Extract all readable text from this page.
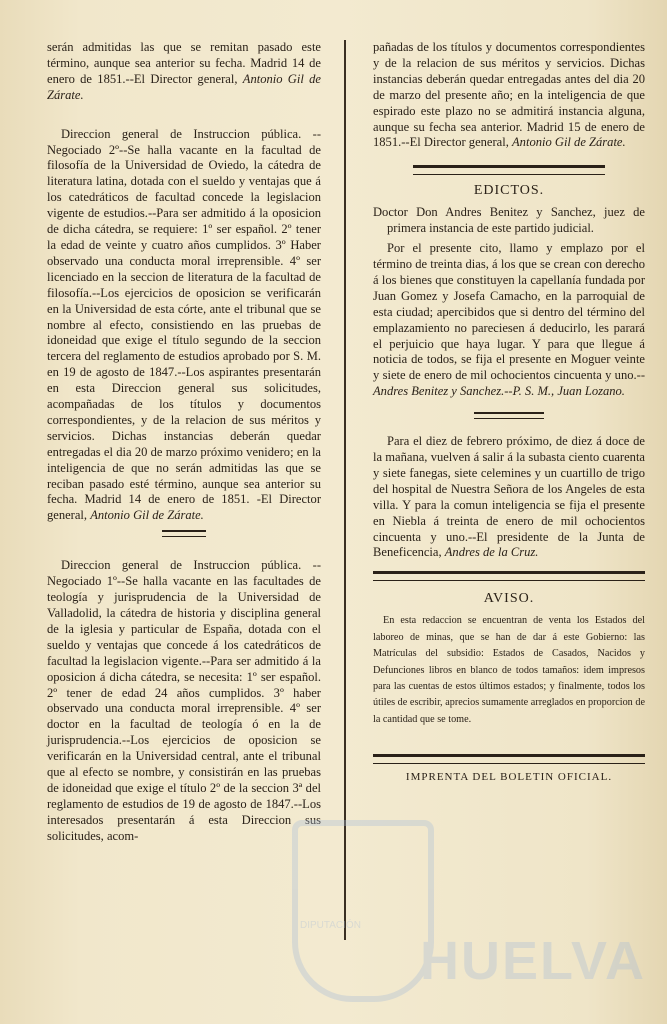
serán admitidas las que se remitan pasado este término, aunque sea anterior su fecha. Madrid 14 de enero de 1851.--El Director general, Antonio Gil de Zárate.

Direccion general de Instruccion pública. --Negociado 2º--Se halla vacante en la facultad de filosofía de la Universidad de Oviedo, la cátedra de literatura latina, dotada con el sueldo y ventajas que á los catedráticos de facultad concede la legislacion vigente de estudios.--Para ser admitido á la oposicion de dicha cátedra, se requiere: 1º ser español. 2º tener la edad de veinte y cuatro años cumplidos. 3º Haber observado una conducta moral irreprensible. 4º ser licenciado en la seccion de literatura de la facultad de filosofía.--Los ejercicios de oposicion se verificarán en la Universidad de esta córte, ante el tribunal que se nombre al efecto, consistiendo en las pruebas de idoneidad que exige el título segundo de la seccion tercera del reglamento de estudios aprobado por S. M. en 19 de agosto de 1847.--Los aspirantes presentarán en esta Direccion general sus solicitudes, acompañadas de los títulos y documentos correspondientes, y de la relacion de sus méritos y servicios. Dichas instancias deberán quedar entregadas el dia 20 de marzo próximo venidero; en la inteligencia de que no serán admitidas las que se reciban pasado esté término, aunque sea anterior su fecha. Madrid 14 de enero de 1851. -El Director general, Antonio Gil de Zárate.

Direccion general de Instruccion pública. --Negociado 1º--Se halla vacante en las facultades de teología y jurisprudencia de la Universidad de Valladolid, la cátedra de historia y disciplina general de la iglesia y particular de España, dotada con el sueldo y ventajas que concede á los catedráticos de facultad la legislacion vigente.--Para ser admitido á la oposicion á dicha cátedra, se necesita: 1º ser español. 2º tener de edad 24 años cumplidos. 3º haber observado una conducta moral irreprensible. 4º ser doctor en la facultad de teología ó en la de jurisprudencia.--Los ejercicios de oposicion se verificarán en la Universidad central, ante el tribunal que al efecto se nombre, y consistirán en las pruebas de idoneidad que exige el título 2º de la seccion 3ª del reglamento de estudios de 19 de agosto de 1847.--Los interesados presentarán á esta Direccion sus solicitudes, acom-

pañadas de los títulos y documentos correspondientes y de la relacion de sus méritos y servicios. Dichas instancias deberán quedar entregadas antes del dia 20 de marzo del presente año; en la inteligencia de que espirado este plazo no se admitirá instancia alguna, aunque su fecha sea anterior. Madrid 15 de enero de 1851.--El Director general, Antonio Gil de Zárate.

EDICTOS.

Doctor Don Andres Benitez y Sanchez, juez de primera instancia de este partido judicial.

Por el presente cito, llamo y emplazo por el término de treinta dias, á los que se crean con derecho á los bienes que constituyen la capellanía fundada por Juan Gomez y Josefa Camacho, en la parroquial de esta ciudad; apercibidos que si dentro del término del emplazamiento no pareciesen á deducirlo, les parará el perjuicio que haya lugar. Y para que llegue á noticia de todos, se fija el presente en Moguer veinte y siete de enero de mil ochocientos cincuenta y uno.--Andres Benitez y Sanchez.--P. S. M., Juan Lozano.

Para el diez de febrero próximo, de diez á doce de la mañana, vuelven á salir á la subasta ciento cuarenta y siete fanegas, siete celemines y un cuartillo de trigo del hospital de Nuestra Señora de los Angeles de esta villa. Y para la comun inteligencia se fija el presente en Niebla á treinta de enero de mil ochocientos cincuenta y uno.--El presidente de la Junta de Beneficencia, Andres de la Cruz.

AVISO.

En esta redaccion se encuentran de venta los Estados del laboreo de minas, que se han de dar á este Gobierno: las Matrículas del subsidio: Estados de Casados, Nacidos y Defunciones libros en blanco de todos tamaños: idem impresos para las cuentas de estos últimos estados; y finalmente, todos los útiles de escribir, aprecios sumamente arreglados en proporcion de la cantidad que se tome.

IMPRENTA DEL BOLETIN OFICIAL.
DIPUTACIÓN
HUELVA
